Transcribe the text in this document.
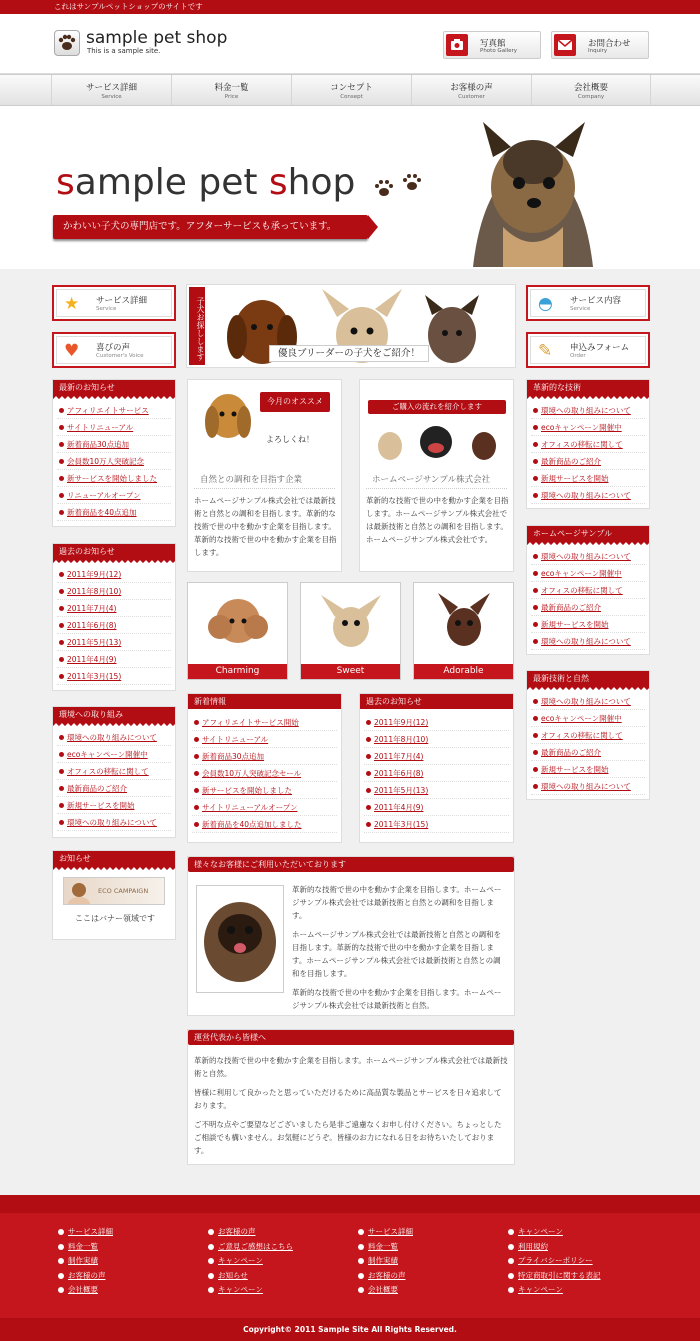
これはサンプルペットショップのサイトです
sample pet shop
This is a sample site.
写真館
Photo Gallery
お問合わせ
Inquiry
サービス詳細
Service
料金一覧
Price
コンセプト
Consept
お客様の声
Customer
会社概要
Company
sample pet shop
かわいい子犬の専門店です。アフターサービスも承っています。
★ サービス詳細
Service
♥ 喜びの声
Customer's Voice
◓ サービス内容
Service
✎ 申込みフォーム
Order
子犬お探しします	優良ブリーダーの子犬をご紹介！
最新のお知らせ
アフィリエイトサービス
サイトリニューアル
新着商品30点追加
会員数10万人突破記念
新サービスを開始しました
リニューアルオープン
新着商品を40点追加
過去のお知らせ
2011年9月(12)
2011年8月(10)
2011年7月(4)
2011年6月(8)
2011年5月(13)
2011年4月(9)
2011年3月(15)
環境への取り組み
環境への取り組みについて
ecoキャンペーン開催中
オフィスの移転に関して
最新商品のご紹介
新規サービスを開始
環境への取り組みについて
お知らせ
ECO CAMPAIGN
ここはバナー領域です
今月のオススメ
よろしくね！
自然との調和を目指す企業
ホームページサンプル株式会社では最新技術と自然との調和を目指します。革新的な技術で世の中を動かす企業を目指します。革新的な技術で世の中を動かす企業を目指します。
ご購入の流れを紹介します
ホームページサンプル株式会社
革新的な技術で世の中を動かす企業を目指します。ホームページサンプル株式会社では最新技術と自然との調和を目指します。ホームページサンプル株式会社です。
Charming	Sweet	Adorable
新着情報
アフィリエイトサービス開始
サイトリニューアル
新着商品30点追加
会員数10万人突破記念セール
新サービスを開始しました
サイトリニューアルオープン
新着商品を40点追加しました
過去のお知らせ
2011年9月(12)
2011年8月(10)
2011年7月(4)
2011年6月(8)
2011年5月(13)
2011年4月(9)
2011年3月(15)
様々なお客様にご利用いただいております

革新的な技術で世の中を動かす企業を目指します。ホームページサンプル株式会社では最新技術と自然との調和を目指します。

ホームページサンプル株式会社では最新技術と自然との調和を目指します。革新的な技術で世の中を動かす企業を目指します。ホームページサンプル株式会社では最新技術と自然との調和を目指します。

革新的な技術で世の中を動かす企業を目指します。ホームページサンプル株式会社では最新技術と自然。

運営代表から皆様へ

革新的な技術で世の中を動かす企業を目指します。ホームページサンプル株式会社では最新技術と自然。

皆様に利用して良かったと思っていただけるために高品質な製品とサービスを日々追求しております。

ご不明な点やご要望などございましたら是非ご遠慮なくお申し付けください。ちょっとしたご相談でも構いません。お気軽にどうぞ。皆様のお力になれる日をお待ちいたしております。

革新的な技術
環境への取り組みについて
ecoキャンペーン開催中
オフィスの移転に関して
最新商品のご紹介
新規サービスを開始
環境への取り組みについて
ホームページサンプル
環境への取り組みについて
ecoキャンペーン開催中
オフィスの移転に関して
最新商品のご紹介
新規サービスを開始
環境への取り組みについて
最新技術と自然
環境への取り組みについて
ecoキャンペーン開催中
オフィスの移転に関して
最新商品のご紹介
新規サービスを開始
環境への取り組みについて
サービス詳細
料金一覧
制作実績
お客様の声
会社概要
お客様の声
ご意見ご感想はこちら
キャンペーン
お知らせ
キャンペーン
サービス詳細
料金一覧
制作実績
お客様の声
会社概要
キャンペーン
利用規約
プライバシーポリシー
特定商取引に関する表記
キャンペーン
Copyright© 2011 Sample Site All Rights Reserved.
